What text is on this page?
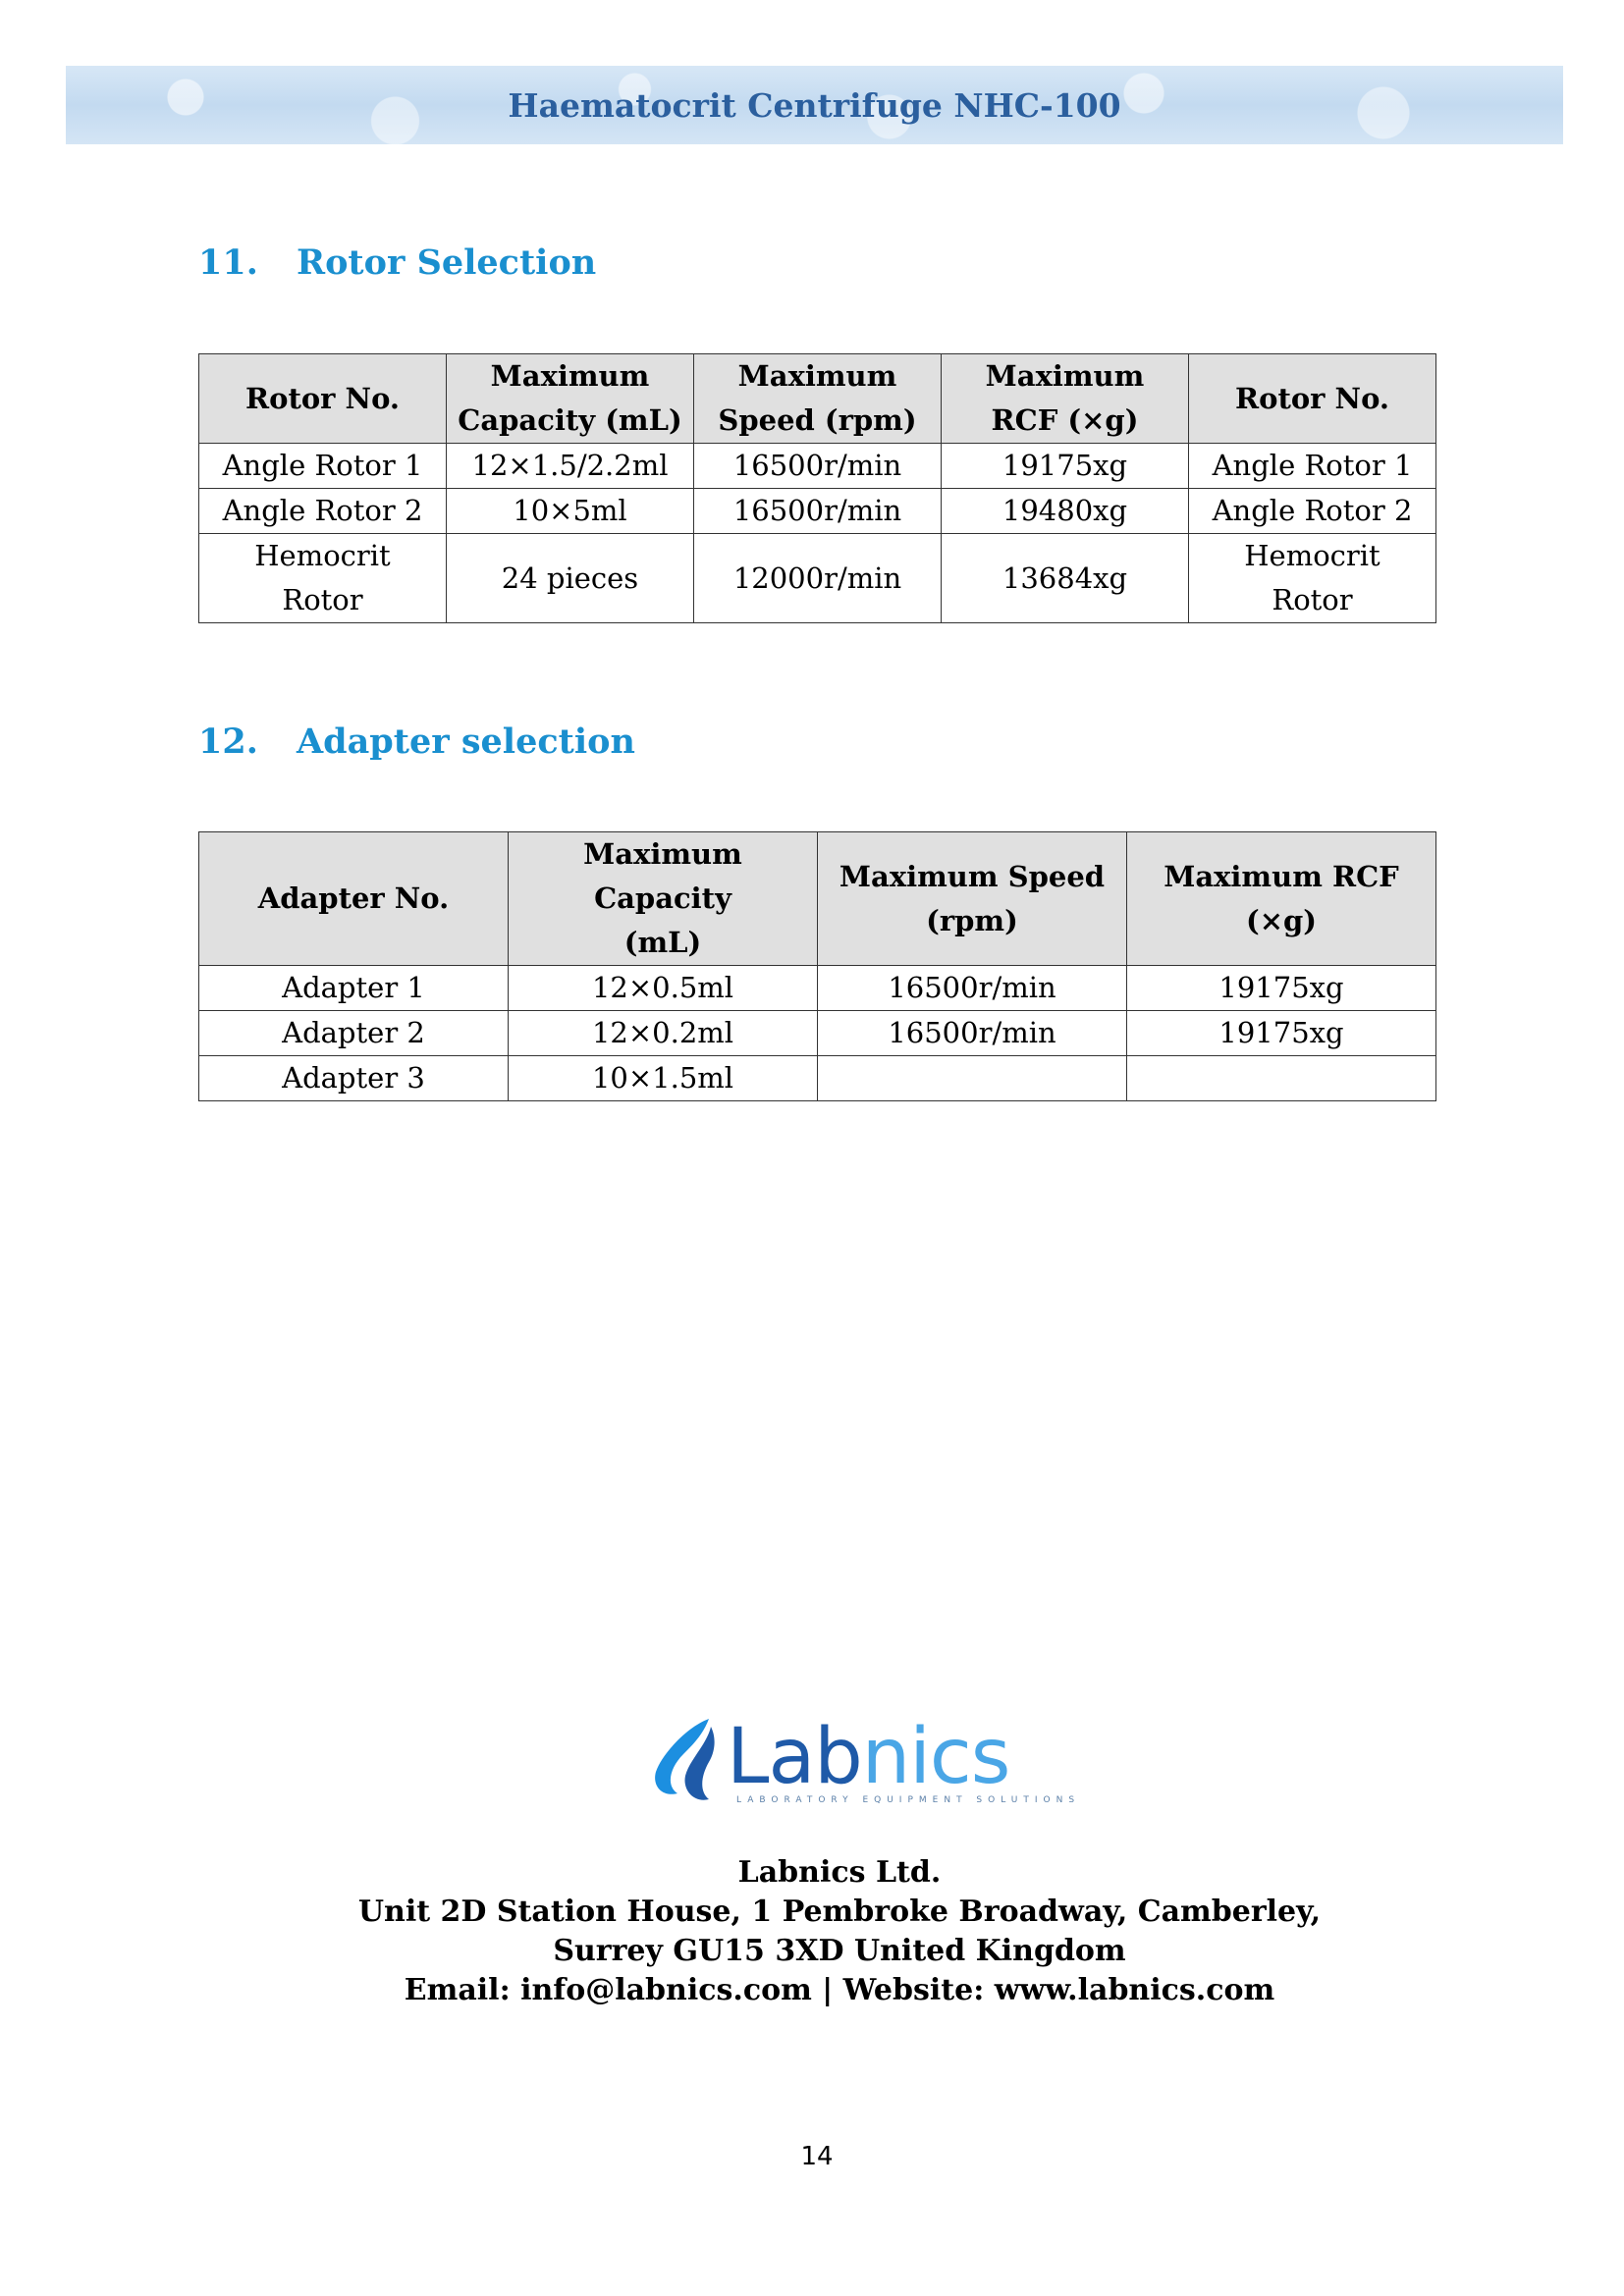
Haematocrit Centrifuge NHC-100
11.	Rotor Selection
Rotor No.	Maximum Capacity (mL)	Maximum Speed (rpm)	Maximum RCF (×g)	Rotor No.
Angle Rotor 1	12×1.5/2.2ml	16500r/min	19175xg	Angle Rotor 1
Angle Rotor 2	10×5ml	16500r/min	19480xg	Angle Rotor 2
Hemocrit Rotor	24 pieces	12000r/min	13684xg	Hemocrit Rotor
12.	Adapter selection
Adapter No.	Maximum Capacity (mL)	Maximum Speed (rpm)	Maximum RCF (×g)
Adapter 1	12×0.5ml	16500r/min	19175xg
Adapter 2	12×0.2ml	16500r/min	19175xg
Adapter 3	10×1.5ml		
Labnics
LABORATORY EQUIPMENT SOLUTIONS
Labnics Ltd.
Unit 2D Station House, 1 Pembroke Broadway, Camberley,
Surrey GU15 3XD United Kingdom
Email: info@labnics.com | Website: www.labnics.com
14
